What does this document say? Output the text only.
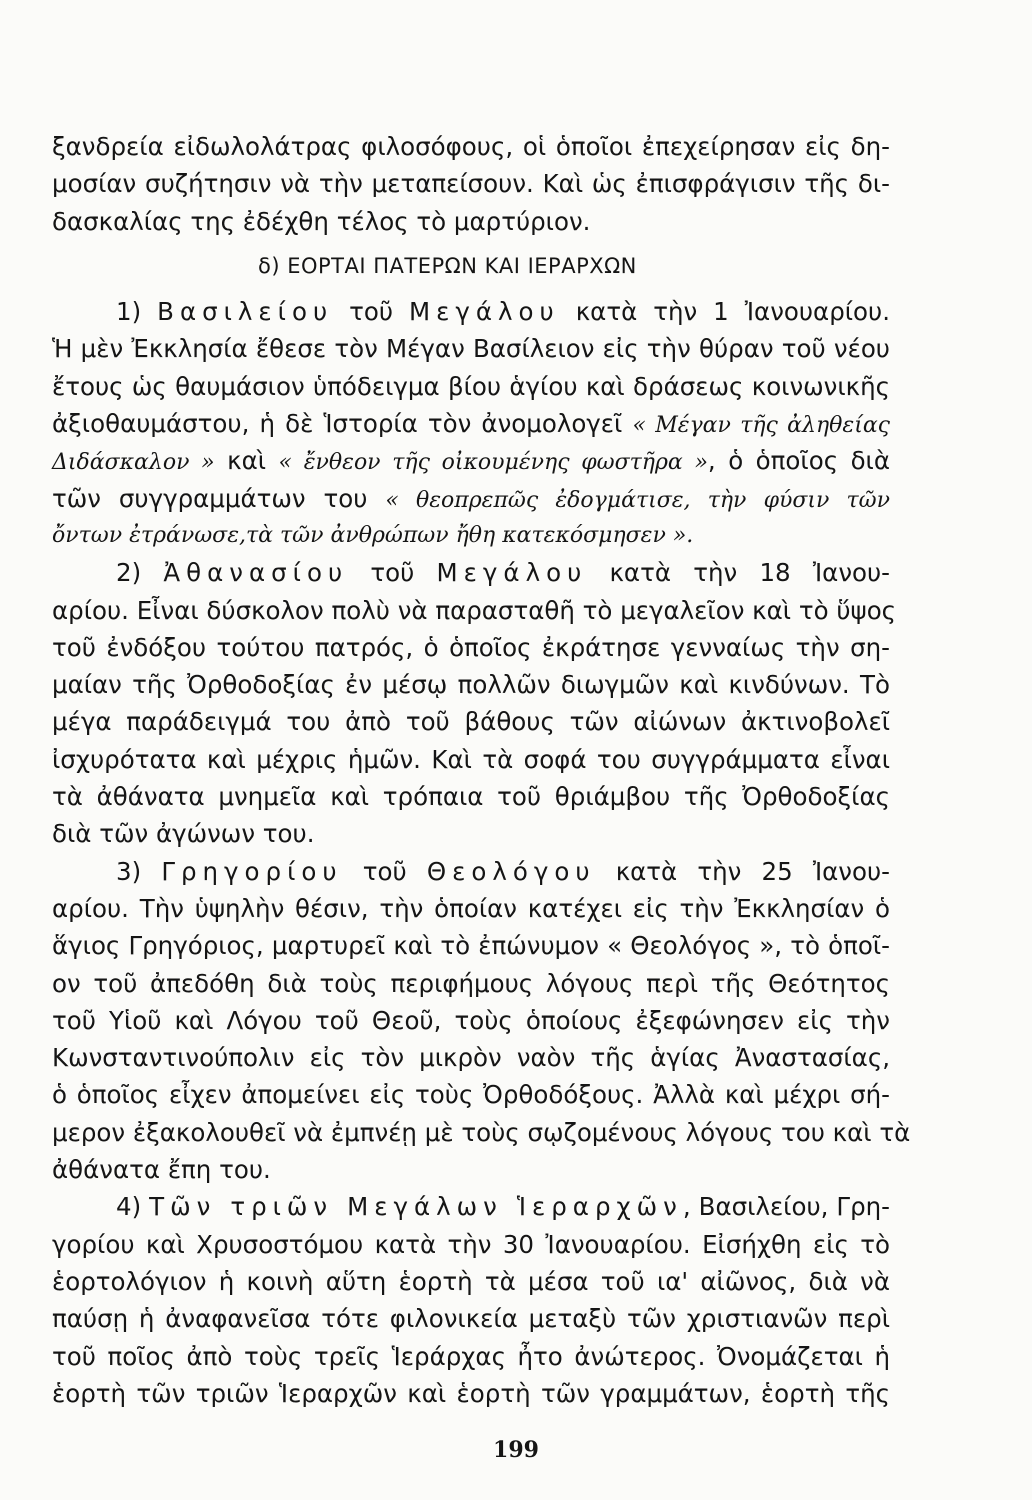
ξανδρεία εἰδωλολάτρας φιλοσόφους, οἱ ὁποῖοι ἐπεχείρησαν εἰς δη-
μοσίαν συζήτησιν νὰ τὴν μεταπείσουν. Καὶ ὡς ἐπισφράγισιν τῆς δι-
δασκαλίας της ἐδέχθη τέλος τὸ μαρτύριον.
δ) ΕΟΡΤΑΙ ΠΑΤΕΡΩΝ ΚΑΙ ΙΕΡΑΡΧΩΝ
1) Βασιλείου τοῦ Μεγάλου κατὰ τὴν 1 Ἰανουαρίου.
Ἡ μὲν Ἐκκλησία ἔθεσε τὸν Μέγαν Βασίλειον εἰς τὴν θύραν τοῦ νέου
ἔτους ὡς θαυμάσιον ὑπόδειγμα βίου ἁγίου καὶ δράσεως κοινωνικῆς
ἀξιοθαυμάστου, ἡ δὲ Ἱστορία τὸν ἀνομολογεῖ « Μέγαν τῆς ἀληθείας
Διδάσκαλον » καὶ « ἔνθεον τῆς οἰκουμένης φωστῆρα », ὁ ὁποῖος διὰ
τῶν συγγραμμάτων του « θεοπρεπῶς ἐδογμάτισε, τὴν φύσιν τῶν
ὄντων ἐτράνωσε,τὰ τῶν ἀνθρώπων ἤθη κατεκόσμησεν ».
2) Ἀθανασίου τοῦ Μεγάλου κατὰ τὴν 18 Ἰανου-
αρίου. Εἶναι δύσκολον πολὺ νὰ παρασταθῆ τὸ μεγαλεῖον καὶ τὸ ὕψος
τοῦ ἐνδόξου τούτου πατρός, ὁ ὁποῖος ἐκράτησε γενναίως τὴν ση-
μαίαν τῆς Ὀρθοδοξίας ἐν μέσῳ πολλῶν διωγμῶν καὶ κινδύνων. Τὸ
μέγα παράδειγμά του ἀπὸ τοῦ βάθους τῶν αἰώνων ἀκτινοβολεῖ
ἰσχυρότατα καὶ μέχρις ἡμῶν. Καὶ τὰ σοφά του συγγράμματα εἶναι
τὰ ἀθάνατα μνημεῖα καὶ τρόπαια τοῦ θριάμβου τῆς Ὀρθοδοξίας
διὰ τῶν ἀγώνων του.
3) Γρηγορίου τοῦ Θεολόγου κατὰ τὴν 25 Ἰανου-
αρίου. Τὴν ὑψηλὴν θέσιν, τὴν ὁποίαν κατέχει εἰς τὴν Ἐκκλησίαν ὁ
ἅγιος Γρηγόριος, μαρτυρεῖ καὶ τὸ ἐπώνυμον « Θεολόγος », τὸ ὁποῖ-
ον τοῦ ἀπεδόθη διὰ τοὺς περιφήμους λόγους περὶ τῆς Θεότητος
τοῦ Υἱοῦ καὶ Λόγου τοῦ Θεοῦ, τοὺς ὁποίους ἐξεφώνησεν εἰς τὴν
Κωνσταντινούπολιν εἰς τὸν μικρὸν ναὸν τῆς ἁγίας Ἀναστασίας,
ὁ ὁποῖος εἶχεν ἀπομείνει εἰς τοὺς Ὀρθοδόξους. Ἀλλὰ καὶ μέχρι σή-
μερον ἐξακολουθεῖ νὰ ἐμπνέῃ μὲ τοὺς σῳζομένους λόγους του καὶ τὰ
ἀθάνατα ἔπη του.
4) Τῶν τριῶν Μεγάλων Ἱεραρχῶν, Βασιλείου, Γρη-
γορίου καὶ Χρυσοστόμου κατὰ τὴν 30 Ἰανουαρίου. Εἰσήχθη εἰς τὸ
ἑορτολόγιον ἡ κοινὴ αὕτη ἑορτὴ τὰ μέσα τοῦ ια' αἰῶνος, διὰ νὰ
παύσῃ ἡ ἀναφανεῖσα τότε φιλονικεία μεταξὺ τῶν χριστιανῶν περὶ
τοῦ ποῖος ἀπὸ τοὺς τρεῖς Ἱεράρχας ἦτο ἀνώτερος. Ὀνομάζεται ἡ
ἑορτὴ τῶν τριῶν Ἱεραρχῶν καὶ ἑορτὴ τῶν γραμμάτων, ἑορτὴ τῆς
199
